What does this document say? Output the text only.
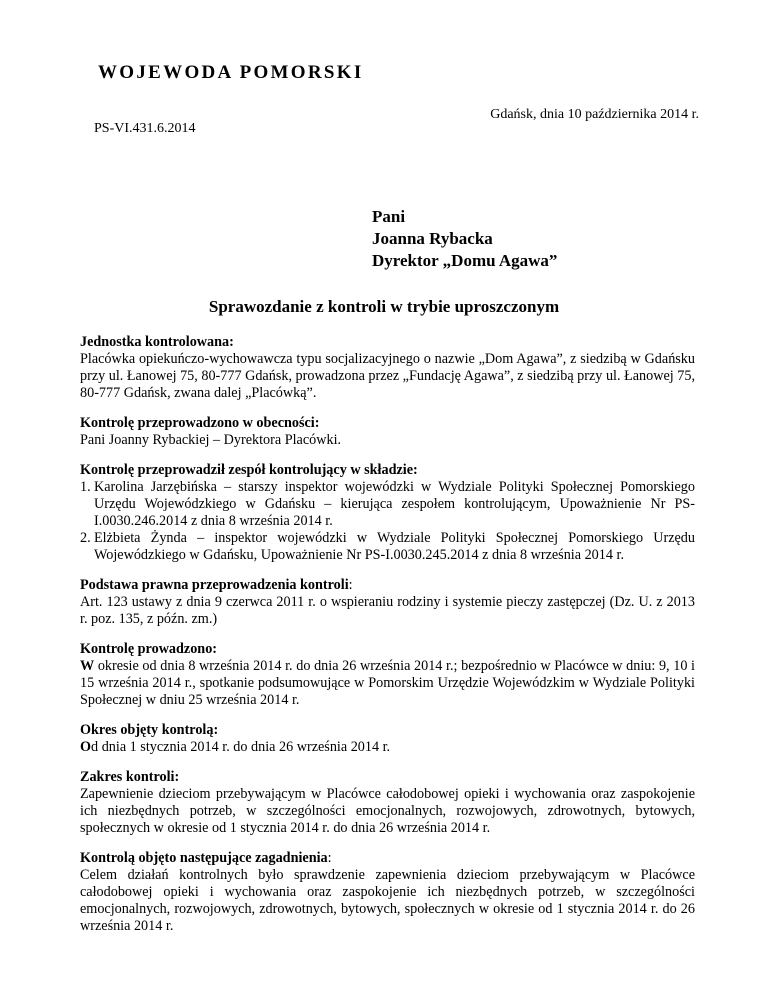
WOJEWODA POMORSKI
Gdańsk, dnia 10 października 2014 r.
PS-VI.431.6.2014
Pani
Joanna Rybacka
Dyrektor „Domu Agawa”
Sprawozdanie z kontroli w trybie uproszczonym
Jednostka kontrolowana:
Placówka opiekuńczo-wychowawcza typu socjalizacyjnego o nazwie „Dom Agawa”, z siedzibą w Gdańsku przy ul. Łanowej 75, 80-777 Gdańsk, prowadzona przez „Fundację Agawa”, z siedzibą przy ul. Łanowej 75, 80-777 Gdańsk, zwana dalej „Placówką”.
Kontrolę przeprowadzono w obecności:
Pani Joanny Rybackiej – Dyrektora Placówki.
Kontrolę przeprowadził zespół kontrolujący w składzie:
1. Karolina Jarzębińska – starszy inspektor wojewódzki w Wydziale Polityki Społecznej Pomorskiego Urzędu Wojewódzkiego w Gdańsku – kierująca zespołem kontrolującym, Upoważnienie Nr PS-I.0030.246.2014 z dnia 8 września 2014 r.
2. Elżbieta Żynda – inspektor wojewódzki w Wydziale Polityki Społecznej Pomorskiego Urzędu Wojewódzkiego w Gdańsku, Upoważnienie Nr PS-I.0030.245.2014 z dnia 8 września 2014 r.
Podstawa prawna przeprowadzenia kontroli:
Art. 123 ustawy z dnia 9 czerwca 2011 r. o wspieraniu rodziny i systemie pieczy zastępczej (Dz. U. z 2013 r. poz. 135, z późn. zm.)
Kontrolę prowadzono:
W okresie od dnia 8 września 2014 r. do dnia 26 września 2014 r.; bezpośrednio w Placówce w dniu: 9, 10 i 15 września 2014 r., spotkanie podsumowujące w Pomorskim Urzędzie Wojewódzkim w Wydziale Polityki Społecznej w dniu 25 września 2014 r.
Okres objęty kontrolą:
Od dnia 1 stycznia 2014 r. do dnia 26 września 2014 r.
Zakres kontroli:
Zapewnienie dzieciom przebywającym w Placówce całodobowej opieki i wychowania oraz zaspokojenie ich niezbędnych potrzeb, w szczególności emocjonalnych, rozwojowych, zdrowotnych, bytowych, społecznych w okresie od 1 stycznia 2014 r. do dnia 26 września 2014 r.
Kontrolą objęto następujące zagadnienia:
Celem działań kontrolnych było sprawdzenie zapewnienia dzieciom przebywającym w Placówce całodobowej opieki i wychowania oraz zaspokojenie ich niezbędnych potrzeb, w szczególności emocjonalnych, rozwojowych, zdrowotnych, bytowych, społecznych w okresie od 1 stycznia 2014 r. do 26 września 2014 r.
